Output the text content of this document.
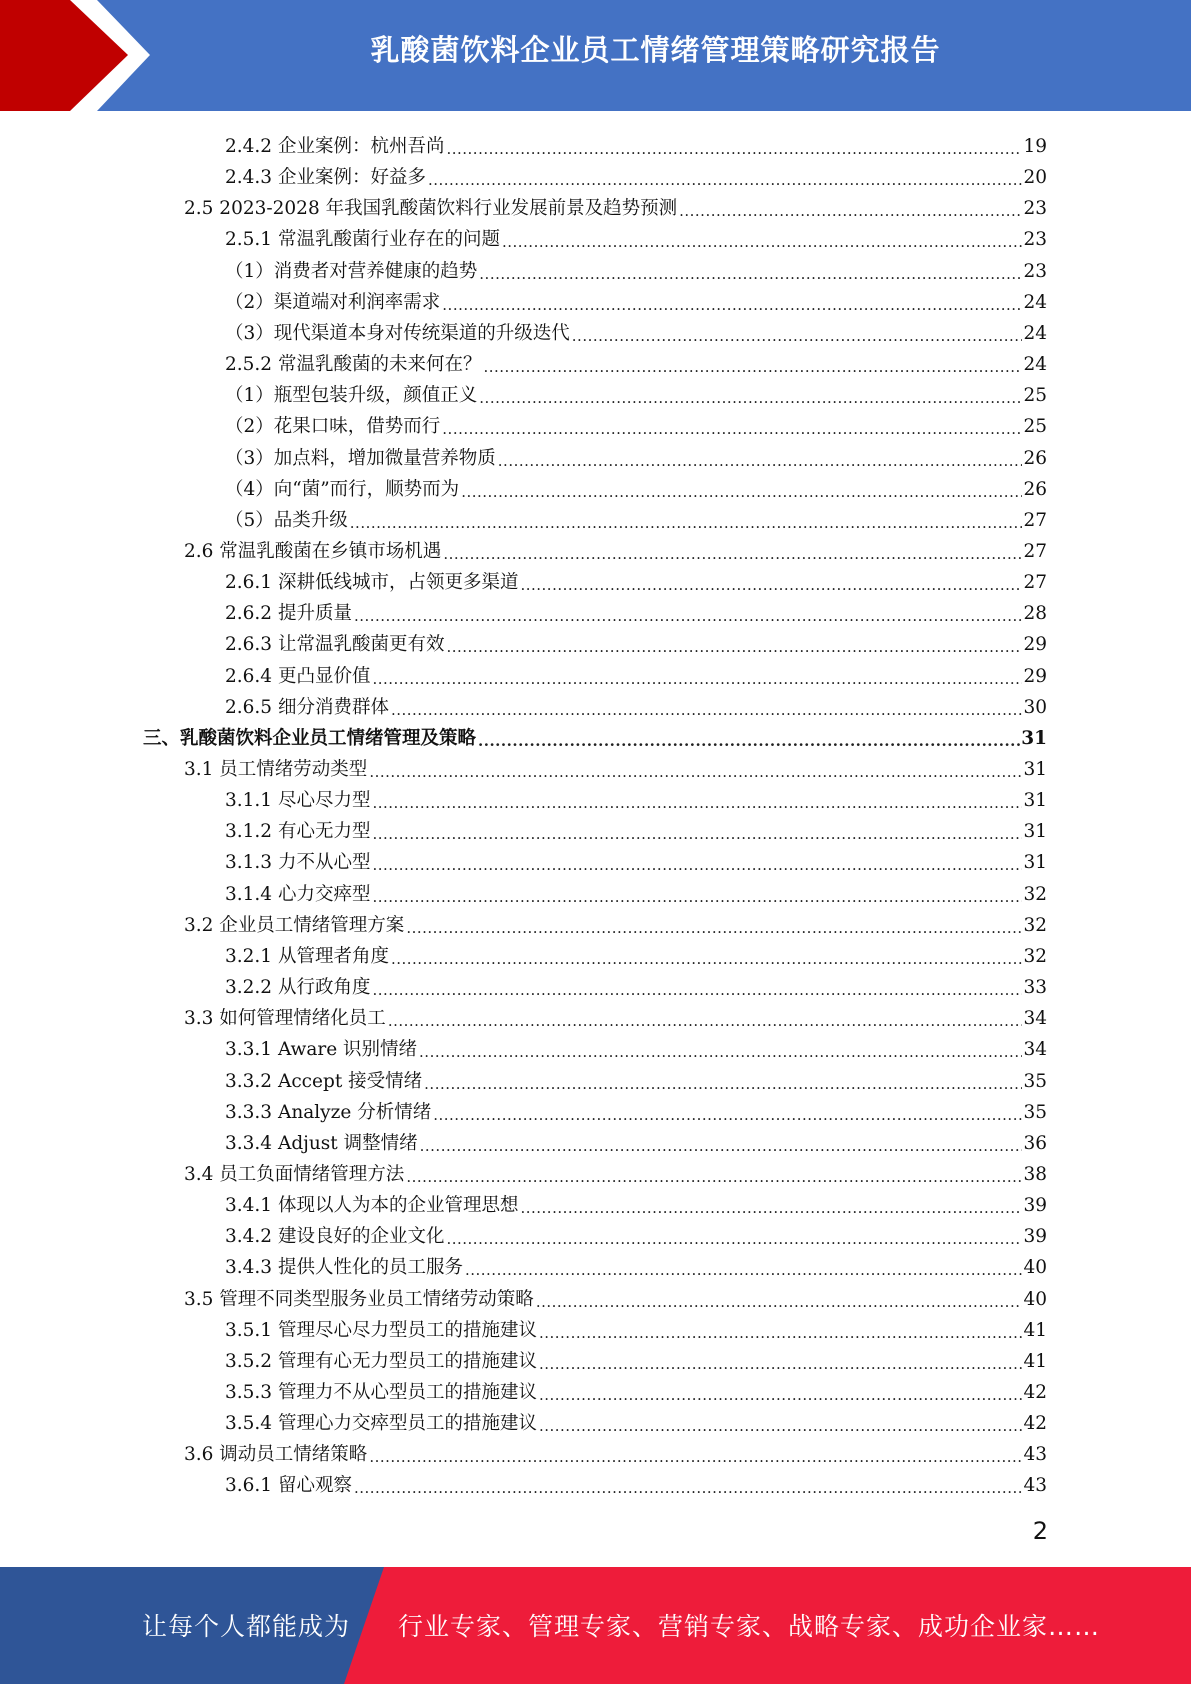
乳酸菌饮料企业员工情绪管理策略研究报告
2.4.2 企业案例：杭州吾尚 .....	19
2.4.3 企业案例：好益多 .....	20
2.5 2023-2028 年我国乳酸菌饮料行业发展前景及趋势预测 .....	23
2.5.1 常温乳酸菌行业存在的问题 .....	23
（1）消费者对营养健康的趋势 .....	23
（2）渠道端对利润率需求 .....	24
（3）现代渠道本身对传统渠道的升级迭代 .....	24
2.5.2 常温乳酸菌的未来何在？ .....	24
（1）瓶型包装升级，颜值正义 .....	25
（2）花果口味，借势而行 .....	25
（3）加点料，增加微量营养物质 .....	26
（4）向“菌”而行，顺势而为 .....	26
（5）品类升级 .....	27
2.6 常温乳酸菌在乡镇市场机遇 .....	27
2.6.1 深耕低线城市，占领更多渠道 .....	27
2.6.2 提升质量 .....	28
2.6.3 让常温乳酸菌更有效 .....	29
2.6.4 更凸显价值 .....	29
2.6.5 细分消费群体 .....	30
三、乳酸菌饮料企业员工情绪管理及策略 .....	31
3.1 员工情绪劳动类型 .....	31
3.1.1 尽心尽力型 .....	31
3.1.2 有心无力型 .....	31
3.1.3 力不从心型 .....	31
3.1.4 心力交瘁型 .....	32
3.2 企业员工情绪管理方案 .....	32
3.2.1 从管理者角度 .....	32
3.2.2 从行政角度 .....	33
3.3 如何管理情绪化员工 .....	34
3.3.1 Aware 识别情绪 .....	34
3.3.2 Accept 接受情绪 .....	35
3.3.3 Analyze 分析情绪 .....	35
3.3.4 Adjust 调整情绪 .....	36
3.4 员工负面情绪管理方法 .....	38
3.4.1 体现以人为本的企业管理思想 .....	39
3.4.2 建设良好的企业文化 .....	39
3.4.3 提供人性化的员工服务 .....	40
3.5 管理不同类型服务业员工情绪劳动策略 .....	40
3.5.1 管理尽心尽力型员工的措施建议 .....	41
3.5.2 管理有心无力型员工的措施建议 .....	41
3.5.3 管理力不从心型员工的措施建议 .....	42
3.5.4 管理心力交瘁型员工的措施建议 .....	42
3.6 调动员工情绪策略 .....	43
3.6.1 留心观察 .....	43
2
让每个人都能成为 行业专家、管理专家、营销专家、战略专家、成功企业家……
